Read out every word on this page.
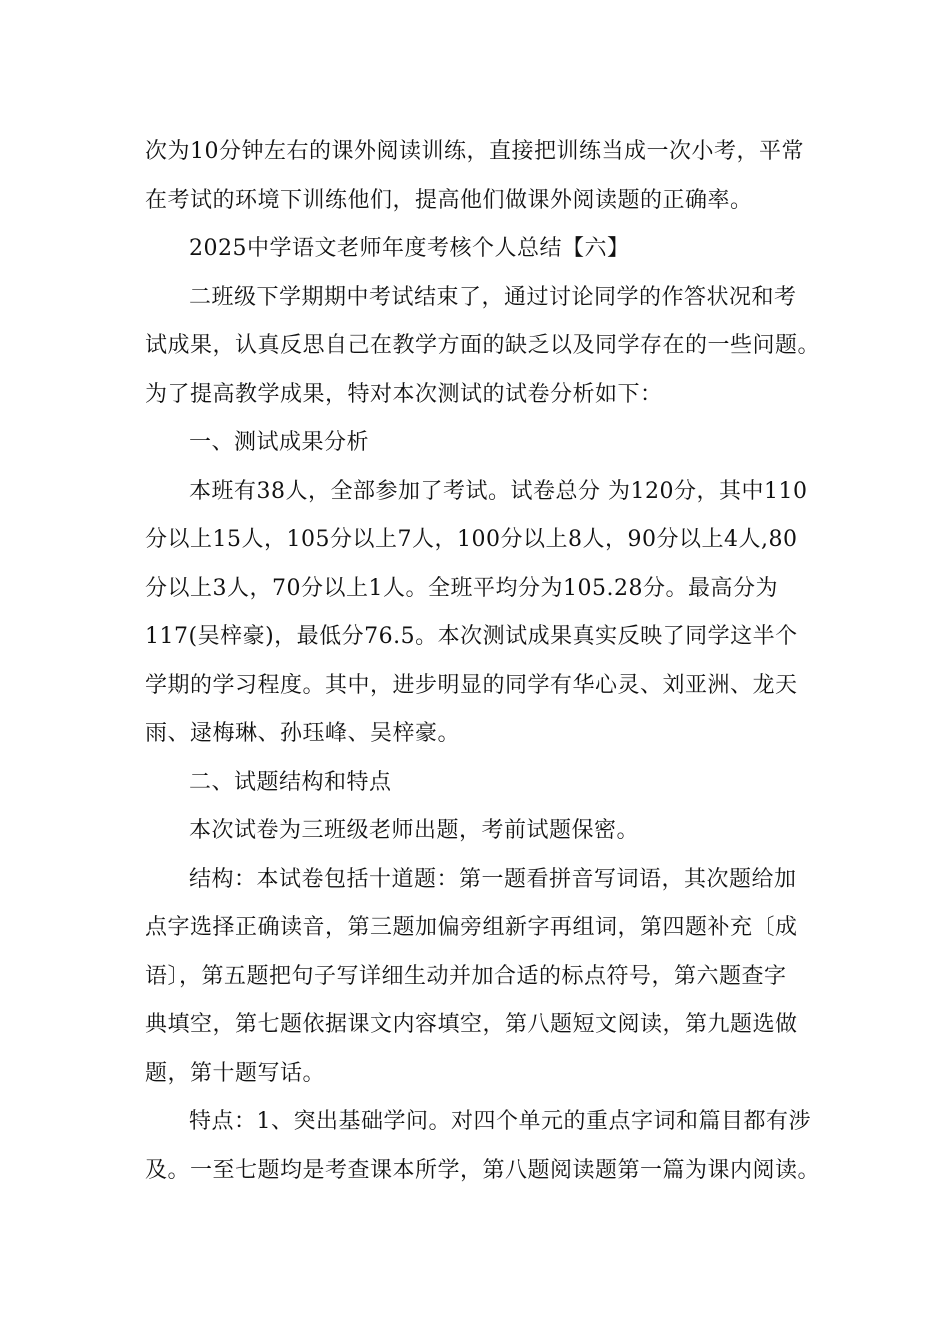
次为10分钟左右的课外阅读训练，直接把训练当成一次小考，平常
在考试的环境下训练他们，提高他们做课外阅读题的正确率。

2025中学语文老师年度考核个人总结【六】

二班级下学期期中考试结束了，通过讨论同学的作答状况和考
试成果，认真反思自己在教学方面的缺乏以及同学存在的一些问题。
为了提高教学成果，特对本次测试的试卷分析如下：

一、测试成果分析

本班有38人，全部参加了考试。试卷总分 为120分，其中110
分以上15人，105分以上7人，100分以上8人，90分以上4人,80
分以上3人，70分以上1人。全班平均分为105.28分。最高分为
117(吴梓豪)，最低分76.5。本次测试成果真实反映了同学这半个
学期的学习程度。其中，进步明显的同学有华心灵、刘亚洲、龙天
雨、逯梅琳、孙珏峰、吴梓豪。

二、试题结构和特点

本次试卷为三班级老师出题，考前试题保密。

结构：本试卷包括十道题：第一题看拼音写词语，其次题给加
点字选择正确读音，第三题加偏旁组新字再组词，第四题补充〔成
语〕，第五题把句子写详细生动并加合适的标点符号，第六题查字
典填空，第七题依据课文内容填空，第八题短文阅读，第九题选做
题，第十题写话。

特点：1、突出基础学问。对四个单元的重点字词和篇目都有涉
及。一至七题均是考查课本所学，第八题阅读题第一篇为课内阅读。
